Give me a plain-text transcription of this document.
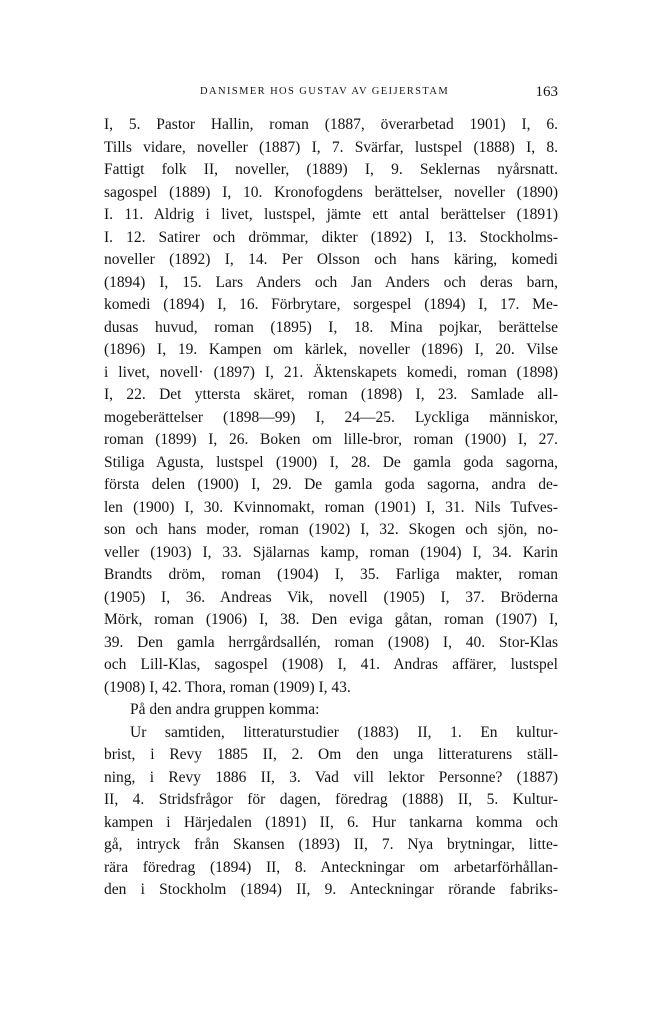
DANISMER HOS GUSTAV AV GEIJERSTAM	163
I, 5. Pastor Hallin, roman (1887, överarbetad 1901) I, 6.
Tills vidare, noveller (1887) I, 7. Svärfar, lustspel (1888) I, 8.
Fattigt folk II, noveller, (1889) I, 9. Seklernas nyårsnatt.
sagospel (1889) I, 10. Kronofogdens berättelser, noveller (1890)
I. 11. Aldrig i livet, lustspel, jämte ett antal berättelser (1891)
I. 12. Satirer och drömmar, dikter (1892) I, 13. Stockholms-
noveller (1892) I, 14. Per Olsson och hans käring, komedi
(1894) I, 15. Lars Anders och Jan Anders och deras barn,
komedi (1894) I, 16. Förbrytare, sorgespel (1894) I, 17. Me-
dusas huvud, roman (1895) I, 18. Mina pojkar, berättelse
(1896) I, 19. Kampen om kärlek, noveller (1896) I, 20. Vilse
i livet, novell· (1897) I, 21. Äktenskapets komedi, roman (1898)
I, 22. Det yttersta skäret, roman (1898) I, 23. Samlade all-
mogeberättelser (1898—99) I, 24—25. Lyckliga människor,
roman (1899) I, 26. Boken om lille-bror, roman (1900) I, 27.
Stiliga Agusta, lustspel (1900) I, 28. De gamla goda sagorna,
första delen (1900) I, 29. De gamla goda sagorna, andra de-
len (1900) I, 30. Kvinnomakt, roman (1901) I, 31. Nils Tufves-
son och hans moder, roman (1902) I, 32. Skogen och sjön, no-
veller (1903) I, 33. Själarnas kamp, roman (1904) I, 34. Karin
Brandts dröm, roman (1904) I, 35. Farliga makter, roman
(1905) I, 36. Andreas Vik, novell (1905) I, 37. Bröderna
Mörk, roman (1906) I, 38. Den eviga gåtan, roman (1907) I,
39. Den gamla herrgårdsallén, roman (1908) I, 40. Stor-Klas
och Lill-Klas, sagospel (1908) I, 41. Andras affärer, lustspel
(1908) I, 42. Thora, roman (1909) I, 43.
På den andra gruppen komma:
Ur samtiden, litteraturstudier (1883) II, 1. En kultur-
brist, i Revy 1885 II, 2. Om den unga litteraturens ställ-
ning, i Revy 1886 II, 3. Vad vill lektor Personne? (1887)
II, 4. Stridsfrågor för dagen, föredrag (1888) II, 5. Kultur-
kampen i Härjedalen (1891) II, 6. Hur tankarna komma och
gå, intryck från Skansen (1893) II, 7. Nya brytningar, litte-
rära föredrag (1894) II, 8. Anteckningar om arbetarförhållan-
den i Stockholm (1894) II, 9. Anteckningar rörande fabriks-
